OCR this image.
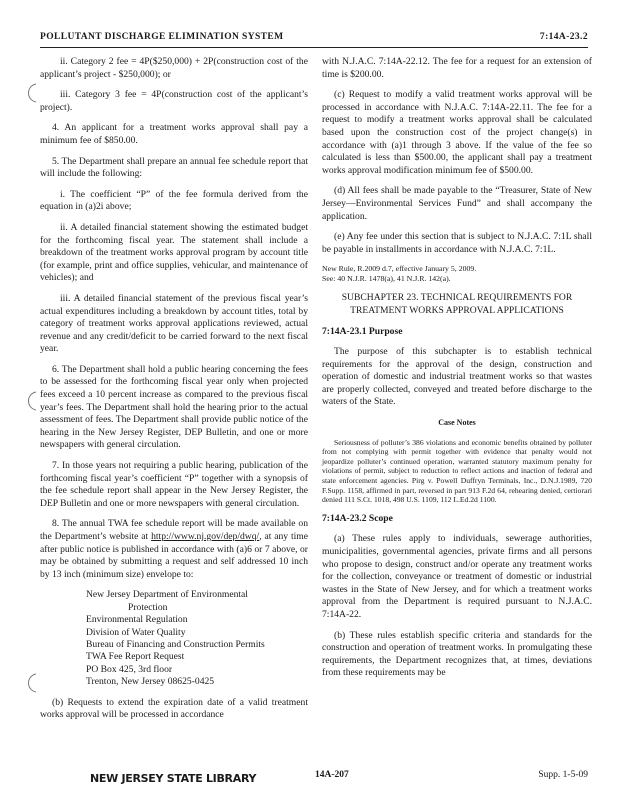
POLLUTANT DISCHARGE ELIMINATION SYSTEM	7:14A-23.2

ii. Category 2 fee = 4P($250,000) + 2P(construction cost of the applicant’s project - $250,000); or

iii. Category 3 fee = 4P(construction cost of the applicant’s project).

4. An applicant for a treatment works approval shall pay a minimum fee of $850.00.

5. The Department shall prepare an annual fee schedule report that will include the following:

i. The coefficient “P” of the fee formula derived from the equation in (a)2i above;

ii. A detailed financial statement showing the estimated budget for the forthcoming fiscal year. The statement shall include a breakdown of the treatment works approval program by account title (for example, print and office supplies, vehicular, and maintenance of vehicles); and

iii. A detailed financial statement of the previous fiscal year’s actual expenditures including a breakdown by account titles, total by category of treatment works approval applications reviewed, actual revenue and any credit/deficit to be carried forward to the next fiscal year.

6. The Department shall hold a public hearing concerning the fees to be assessed for the forthcoming fiscal year only when projected fees exceed a 10 percent increase as compared to the previous fiscal year’s fees. The Department shall hold the hearing prior to the actual assessment of fees. The Department shall provide public notice of the hearing in the New Jersey Register, DEP Bulletin, and one or more newspapers with general circulation.

7. In those years not requiring a public hearing, publication of the forthcoming fiscal year’s coefficient “P” together with a synopsis of the fee schedule report shall appear in the New Jersey Register, the DEP Bulletin and one or more newspapers with general circulation.

8. The annual TWA fee schedule report will be made available on the Department’s website at http://www.nj.gov/dep/dwq/, at any time after public notice is published in accordance with (a)6 or 7 above, or may be obtained by submitting a request and self addressed 10 inch by 13 inch (minimum size) envelope to:

New Jersey Department of Environmental
Protection
Environmental Regulation
Division of Water Quality
Bureau of Financing and Construction Permits
TWA Fee Report Request
PO Box 425, 3rd floor
Trenton, New Jersey 08625-0425

(b) Requests to extend the expiration date of a valid treatment works approval will be processed in accordance

with N.J.A.C. 7:14A-22.12. The fee for a request for an extension of time is $200.00.

(c) Request to modify a valid treatment works approval will be processed in accordance with N.J.A.C. 7:14A-22.11. The fee for a request to modify a treatment works approval shall be calculated based upon the construction cost of the project change(s) in accordance with (a)1 through 3 above. If the value of the fee so calculated is less than $500.00, the applicant shall pay a treatment works approval modification minimum fee of $500.00.

(d) All fees shall be made payable to the “Treasurer, State of New Jersey—Environmental Services Fund” and shall accompany the application.

(e) Any fee under this section that is subject to N.J.A.C. 7:1L shall be payable in installments in accordance with N.J.A.C. 7:1L.

New Rule, R.2009 d.7, effective January 5, 2009.
See: 40 N.J.R. 1478(a), 41 N.J.R. 142(a).

SUBCHAPTER 23. TECHNICAL REQUIREMENTS FOR TREATMENT WORKS APPROVAL APPLICATIONS

7:14A-23.1 Purpose

The purpose of this subchapter is to establish technical requirements for the approval of the design, construction and operation of domestic and industrial treatment works so that wastes are properly collected, conveyed and treated before discharge to the waters of the State.

Case Notes

Seriousness of polluter’s 386 violations and economic benefits obtained by polluter from not complying with permit together with evidence that penalty would not jeopardize polluter’s continued operation, warranted statutory maximum penalty for violations of permit, subject to reduction to reflect actions and inaction of federal and state enforcement agencies. Pirg v. Powell Duffryn Terminals, Inc., D.N.J.1989, 720 F.Supp. 1158, affirmed in part, reversed in part 913 F.2d 64, rehearing denied, certiorari denied 111 S.Ct. 1018, 498 U.S. 1109, 112 L.Ed.2d 1100.

7:14A-23.2 Scope

(a) These rules apply to individuals, sewerage authorities, municipalities, governmental agencies, private firms and all persons who propose to design, construct and/or operate any treatment works for the collection, conveyance or treatment of domestic or industrial wastes in the State of New Jersey, and for which a treatment works approval from the Department is required pursuant to N.J.A.C. 7:14A-22.

(b) These rules establish specific criteria and standards for the construction and operation of treatment works. In promulgating these requirements, the Department recognizes that, at times, deviations from these requirements may be

NEW JERSEY STATE LIBRARY	14A-207	Supp. 1-5-09
